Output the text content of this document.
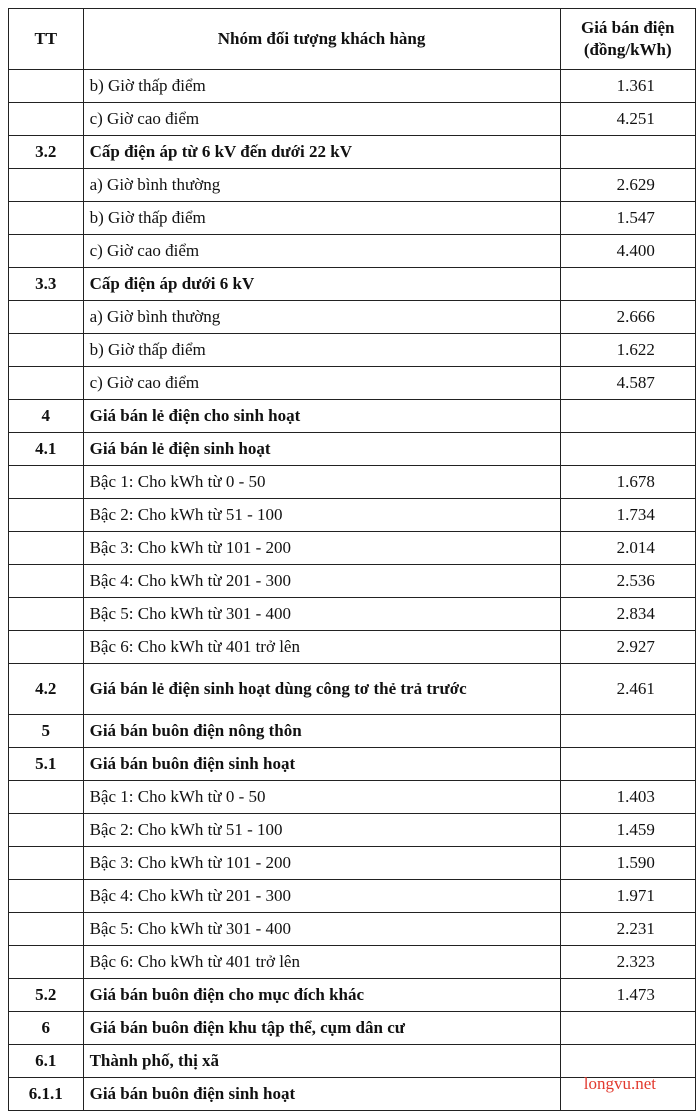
TT	Nhóm đối tượng khách hàng	Giá bán điện
(đồng/kWh)
	b) Giờ thấp điểm	1.361
	c) Giờ cao điểm	4.251
3.2	Cấp điện áp từ 6 kV đến dưới 22 kV	
	a) Giờ bình thường	2.629
	b) Giờ thấp điểm	1.547
	c) Giờ cao điểm	4.400
3.3	Cấp điện áp dưới 6 kV	
	a) Giờ bình thường	2.666
	b) Giờ thấp điểm	1.622
	c) Giờ cao điểm	4.587
4	Giá bán lẻ điện cho sinh hoạt	
4.1	Giá bán lẻ điện sinh hoạt	
	Bậc 1: Cho kWh từ 0 - 50	1.678
	Bậc 2: Cho kWh từ 51 - 100	1.734
	Bậc 3: Cho kWh từ 101 - 200	2.014
	Bậc 4: Cho kWh từ 201 - 300	2.536
	Bậc 5: Cho kWh từ 301 - 400	2.834
	Bậc 6: Cho kWh từ 401 trở lên	2.927
4.2	Giá bán lẻ điện sinh hoạt dùng công tơ thẻ trả trước	2.461
5	Giá bán buôn điện nông thôn	
5.1	Giá bán buôn điện sinh hoạt	
	Bậc 1: Cho kWh từ 0 - 50	1.403
	Bậc 2: Cho kWh từ 51 - 100	1.459
	Bậc 3: Cho kWh từ 101 - 200	1.590
	Bậc 4: Cho kWh từ 201 - 300	1.971
	Bậc 5: Cho kWh từ 301 - 400	2.231
	Bậc 6: Cho kWh từ 401 trở lên	2.323
5.2	Giá bán buôn điện cho mục đích khác	1.473
6	Giá bán buôn điện khu tập thể, cụm dân cư	
6.1	Thành phố, thị xã	
6.1.1	Giá bán buôn điện sinh hoạt	
longvu.net
